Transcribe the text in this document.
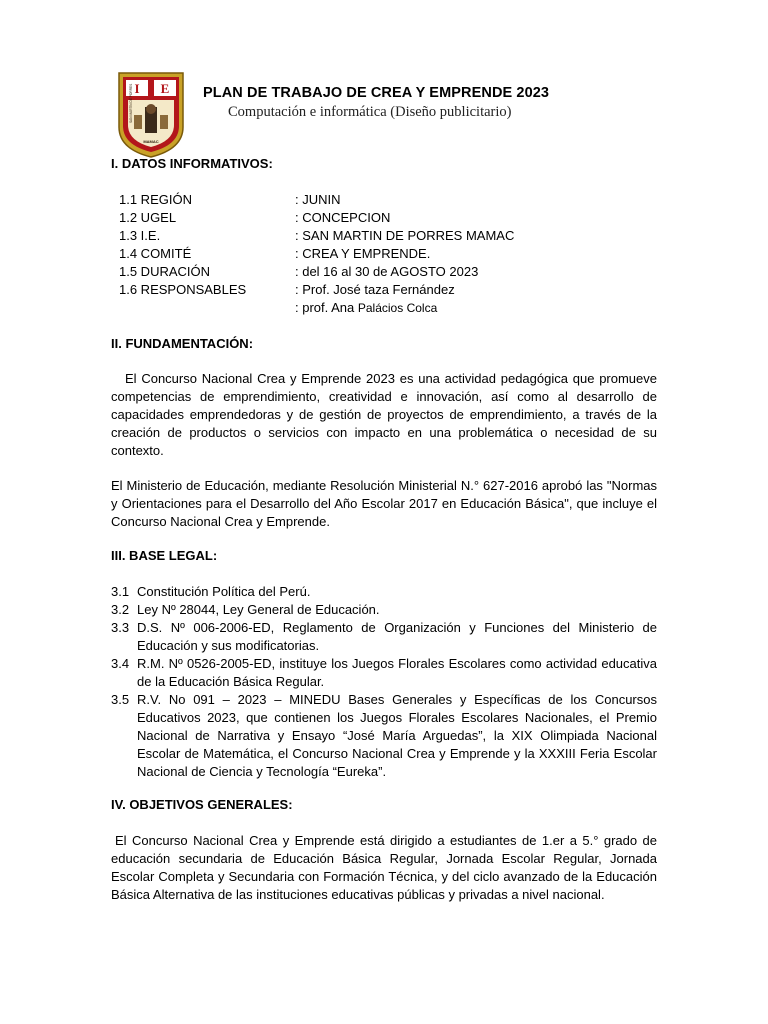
I E
SAN MARTIN DE PORRES
MAMAC
PLAN DE TRABAJO DE CREA Y EMPRENDE 2023
Computación e informática (Diseño publicitario)
I. DATOS INFORMATIVOS:
1.1 REGIÓN	: JUNIN
1.2 UGEL	: CONCEPCION
1.3 I.E.	: SAN MARTIN DE PORRES MAMAC
1.4 COMITÉ	: CREA Y EMPRENDE.
1.5 DURACIÓN	: del 16 al 30 de AGOSTO 2023
1.6 RESPONSABLES	: Prof. José taza Fernández
: prof. Ana Palácios Colca
II. FUNDAMENTACIÓN:
El Concurso Nacional Crea y Emprende 2023 es una actividad pedagógica que promueve competencias de emprendimiento, creatividad e innovación, así como al desarrollo de capacidades emprendedoras y de gestión de proyectos de emprendimiento, a través de la creación de productos o servicios con impacto en una problemática o necesidad de su contexto.
El Ministerio de Educación, mediante Resolución Ministerial N.° 627-2016 aprobó las "Normas y Orientaciones para el Desarrollo del Año Escolar 2017 en Educación Básica", que incluye el Concurso Nacional Crea y Emprende.
III. BASE LEGAL:
3.1 Constitución Política del Perú.
3.2 Ley Nº 28044, Ley General de Educación.
3.3 D.S. Nº 006-2006-ED, Reglamento de Organización y Funciones del Ministerio de Educación y sus modificatorias.
3.4 R.M. Nº 0526-2005-ED, instituye los Juegos Florales Escolares como actividad educativa de la Educación Básica Regular.
3.5 R.V. No 091 – 2023 – MINEDU Bases Generales y Específicas de los Concursos Educativos 2023, que contienen los Juegos Florales Escolares Nacionales, el Premio Nacional de Narrativa y Ensayo “José María Arguedas”, la XIX Olimpiada Nacional Escolar de Matemática, el Concurso Nacional Crea y Emprende y la XXXIII Feria Escolar Nacional de Ciencia y Tecnología “Eureka”.
IV. OBJETIVOS GENERALES:
El Concurso Nacional Crea y Emprende está dirigido a estudiantes de 1.er a 5.° grado de educación secundaria de Educación Básica Regular, Jornada Escolar Regular, Jornada Escolar Completa y Secundaria con Formación Técnica, y del ciclo avanzado de la Educación Básica Alternativa de las instituciones educativas públicas y privadas a nivel nacional.
